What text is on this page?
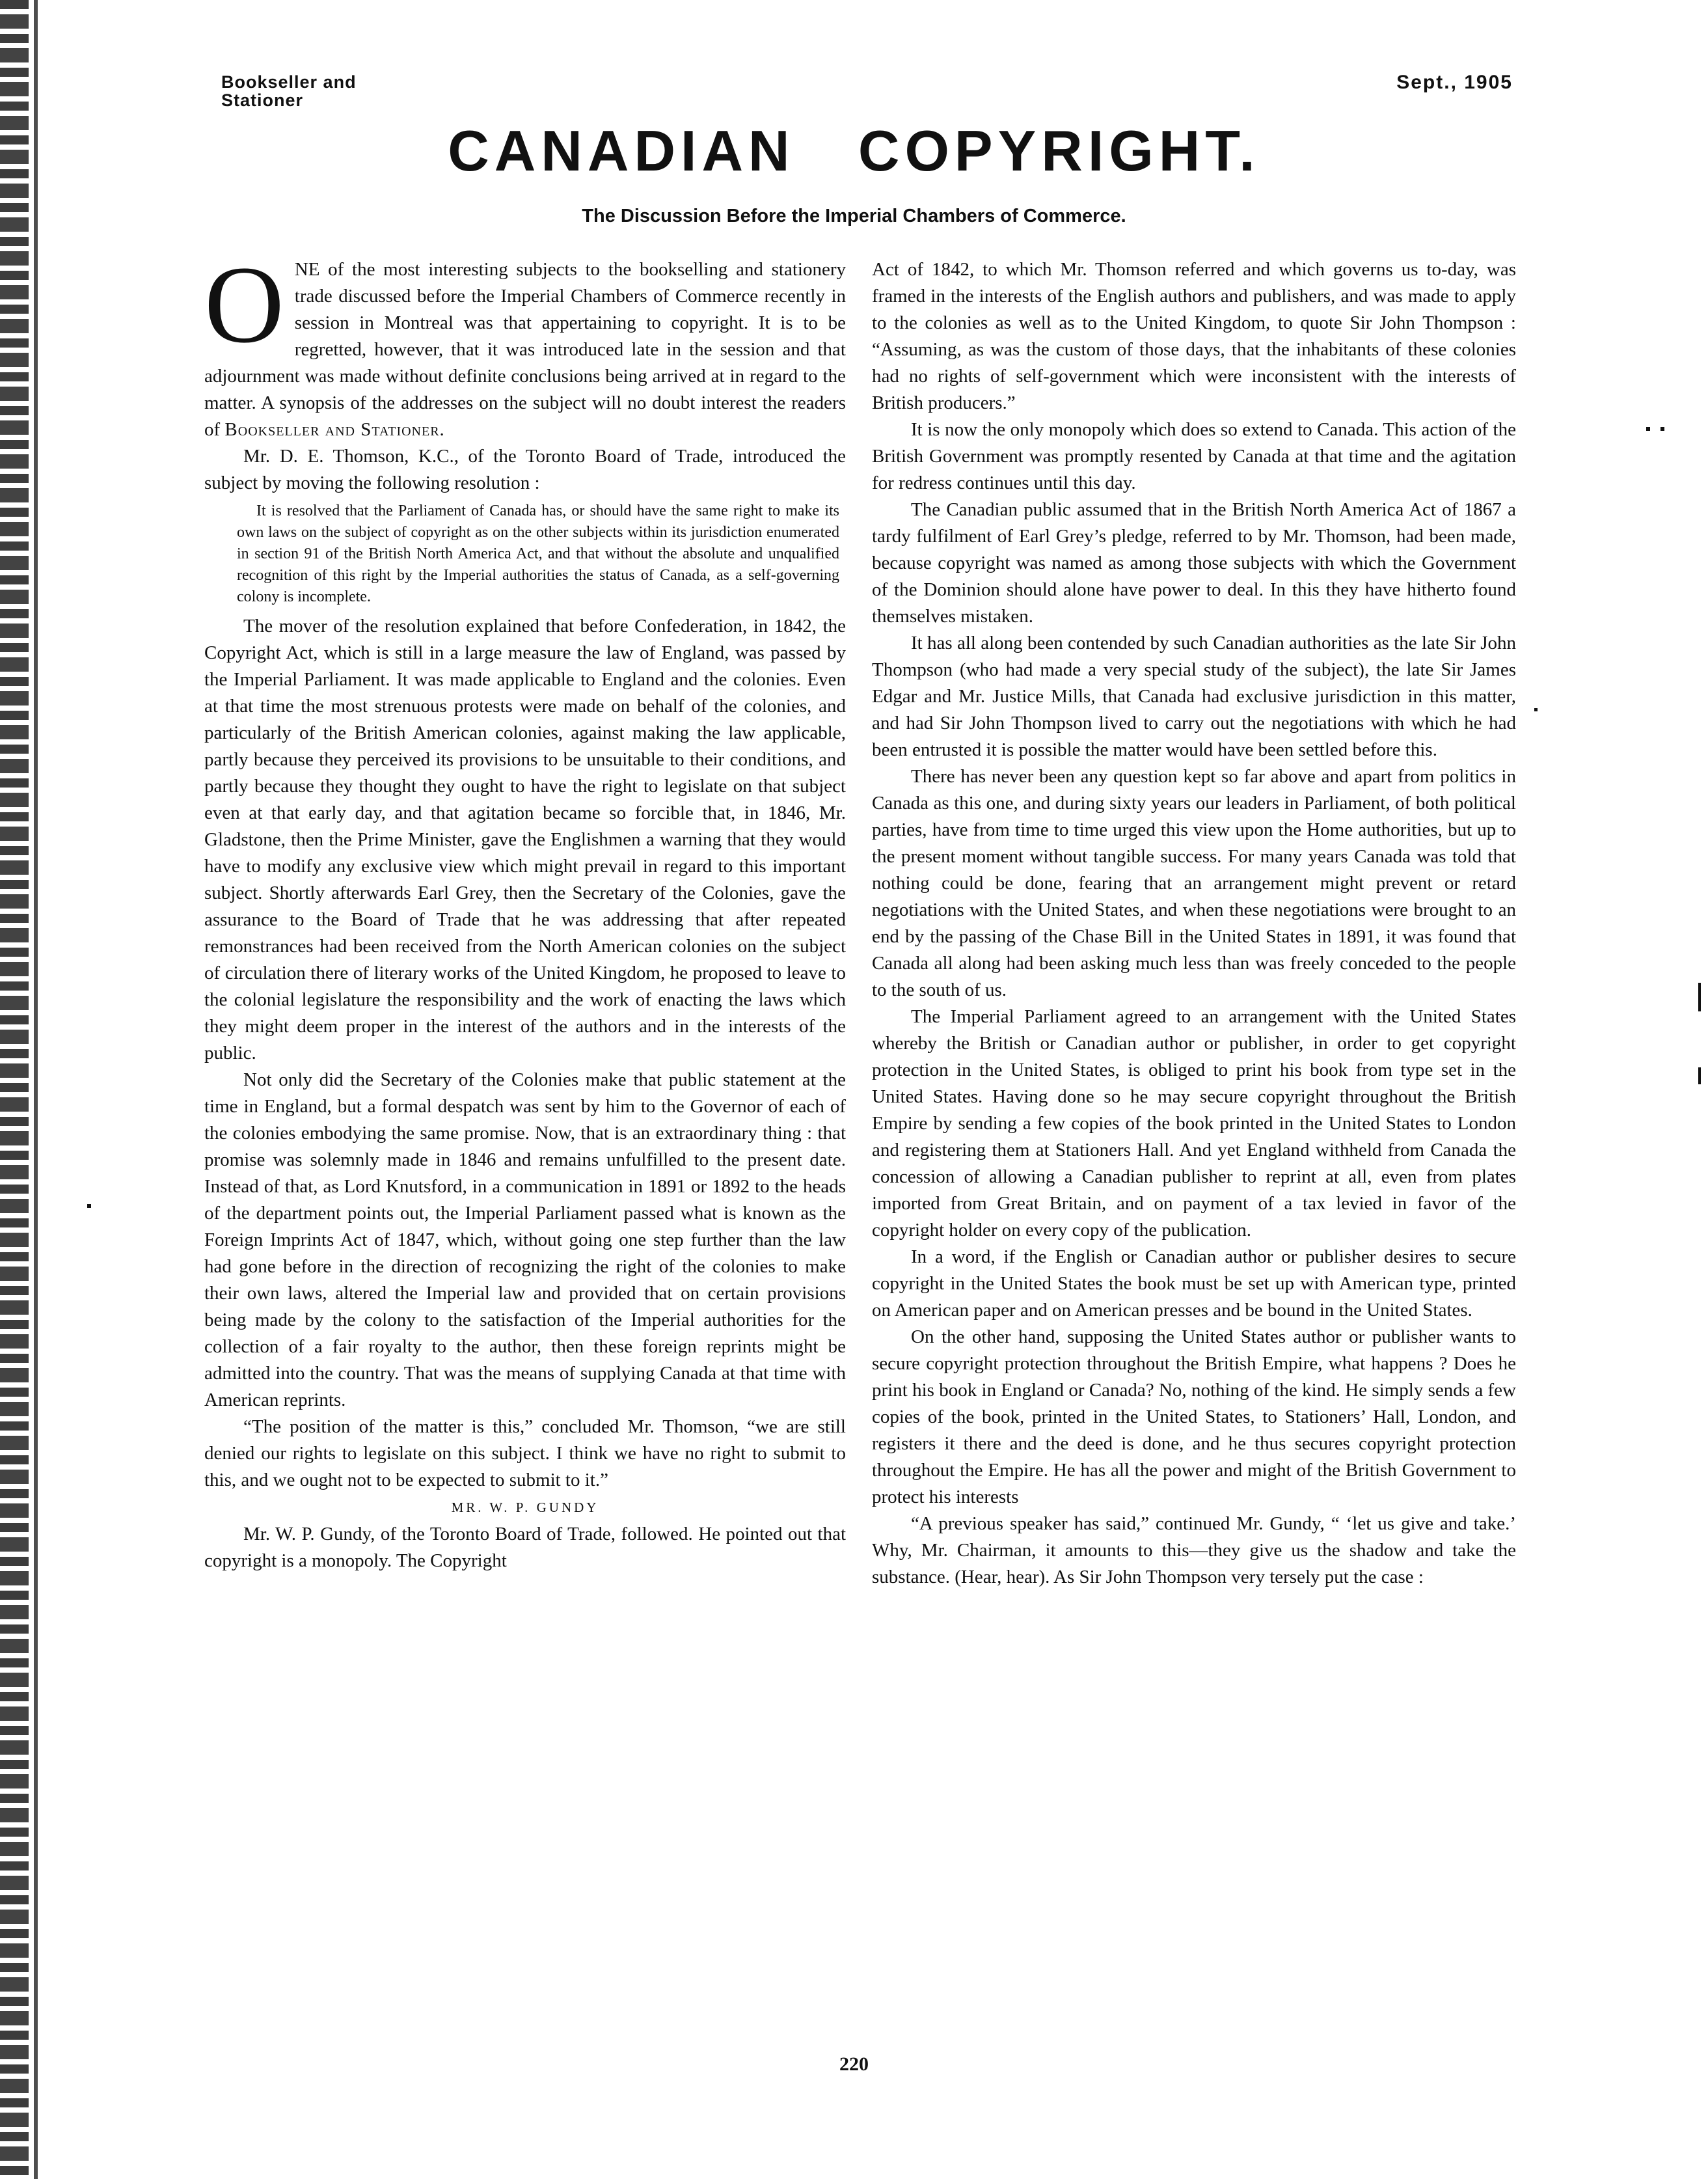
Bookseller and
Stationer
Sept., 1905
CANADIAN   COPYRIGHT.
The Discussion Before the Imperial Chambers of Commerce.

ONE of the most interesting subjects to the bookselling and stationery trade discussed before the Imperial Chambers of Commerce recently in session in Montreal was that appertaining to copyright. It is to be regretted, however, that it was introduced late in the session and that adjournment was made without definite conclusions being arrived at in regard to the matter. A synopsis of the addresses on the subject will no doubt interest the readers of Bookseller and Stationer.

Mr. D. E. Thomson, K.C., of the Toronto Board of Trade, introduced the subject by moving the following resolution :

It is resolved that the Parliament of Canada has, or should have the same right to make its own laws on the subject of copyright as on the other subjects within its jurisdiction enumerated in section 91 of the British North America Act, and that without the absolute and unqualified recognition of this right by the Imperial authorities the status of Canada, as a self-governing colony is incomplete.

The mover of the resolution explained that before Confederation, in 1842, the Copyright Act, which is still in a large measure the law of England, was passed by the Imperial Parliament. It was made applicable to England and the colonies. Even at that time the most strenuous protests were made on behalf of the colonies, and particularly of the British American colonies, against making the law applicable, partly because they perceived its provisions to be unsuitable to their conditions, and partly because they thought they ought to have the right to legislate on that subject even at that early day, and that agitation became so forcible that, in 1846, Mr. Gladstone, then the Prime Minister, gave the Englishmen a warning that they would have to modify any exclusive view which might prevail in regard to this important subject. Shortly afterwards Earl Grey, then the Secretary of the Colonies, gave the assurance to the Board of Trade that he was addressing that after repeated remonstrances had been received from the North American colonies on the subject of circulation there of literary works of the United Kingdom, he proposed to leave to the colonial legislature the responsibility and the work of enacting the laws which they might deem proper in the interest of the authors and in the interests of the public.

Not only did the Secretary of the Colonies make that public statement at the time in England, but a formal despatch was sent by him to the Governor of each of the colonies embodying the same promise. Now, that is an extraordinary thing : that promise was solemnly made in 1846 and remains unfulfilled to the present date. Instead of that, as Lord Knutsford, in a communication in 1891 or 1892 to the heads of the department points out, the Imperial Parliament passed what is known as the Foreign Imprints Act of 1847, which, without going one step further than the law had gone before in the direction of recognizing the right of the colonies to make their own laws, altered the Imperial law and provided that on certain provisions being made by the colony to the satisfaction of the Imperial authorities for the collection of a fair royalty to the author, then these foreign reprints might be admitted into the country. That was the means of supplying Canada at that time with American reprints.

“The position of the matter is this,” concluded Mr. Thomson, “we are still denied our rights to legislate on this subject. I think we have no right to submit to this, and we ought not to be expected to submit to it.”

MR. W. P. GUNDY

Mr. W. P. Gundy, of the Toronto Board of Trade, followed. He pointed out that copyright is a monopoly. The Copyright

Act of 1842, to which Mr. Thomson referred and which governs us to-day, was framed in the interests of the English authors and publishers, and was made to apply to the colonies as well as to the United Kingdom, to quote Sir John Thompson : “Assuming, as was the custom of those days, that the inhabitants of these colonies had no rights of self-government which were inconsistent with the interests of British producers.”

It is now the only monopoly which does so extend to Canada. This action of the British Government was promptly resented by Canada at that time and the agitation for redress continues until this day.

The Canadian public assumed that in the British North America Act of 1867 a tardy fulfilment of Earl Grey’s pledge, referred to by Mr. Thomson, had been made, because copyright was named as among those subjects with which the Government of the Dominion should alone have power to deal. In this they have hitherto found themselves mistaken.

It has all along been contended by such Canadian authorities as the late Sir John Thompson (who had made a very special study of the subject), the late Sir James Edgar and Mr. Justice Mills, that Canada had exclusive jurisdiction in this matter, and had Sir John Thompson lived to carry out the negotiations with which he had been entrusted it is possible the matter would have been settled before this.

There has never been any question kept so far above and apart from politics in Canada as this one, and during sixty years our leaders in Parliament, of both political parties, have from time to time urged this view upon the Home authorities, but up to the present moment without tangible success. For many years Canada was told that nothing could be done, fearing that an arrangement might prevent or retard negotiations with the United States, and when these negotiations were brought to an end by the passing of the Chase Bill in the United States in 1891, it was found that Canada all along had been asking much less than was freely conceded to the people to the south of us.

The Imperial Parliament agreed to an arrangement with the United States whereby the British or Canadian author or publisher, in order to get copyright protection in the United States, is obliged to print his book from type set in the United States. Having done so he may secure copyright throughout the British Empire by sending a few copies of the book printed in the United States to London and registering them at Stationers Hall. And yet England withheld from Canada the concession of allowing a Canadian publisher to reprint at all, even from plates imported from Great Britain, and on payment of a tax levied in favor of the copyright holder on every copy of the publication.

In a word, if the English or Canadian author or publisher desires to secure copyright in the United States the book must be set up with American type, printed on American paper and on American presses and be bound in the United States.

On the other hand, supposing the United States author or publisher wants to secure copyright protection throughout the British Empire, what happens ? Does he print his book in England or Canada? No, nothing of the kind. He simply sends a few copies of the book, printed in the United States, to Stationers’ Hall, London, and registers it there and the deed is done, and he thus secures copyright protection throughout the Empire. He has all the power and might of the British Government to protect his interests

“A previous speaker has said,” continued Mr. Gundy, “ ‘let us give and take.’ Why, Mr. Chairman, it amounts to this—they give us the shadow and take the substance. (Hear, hear). As Sir John Thompson very tersely put the case :

220
